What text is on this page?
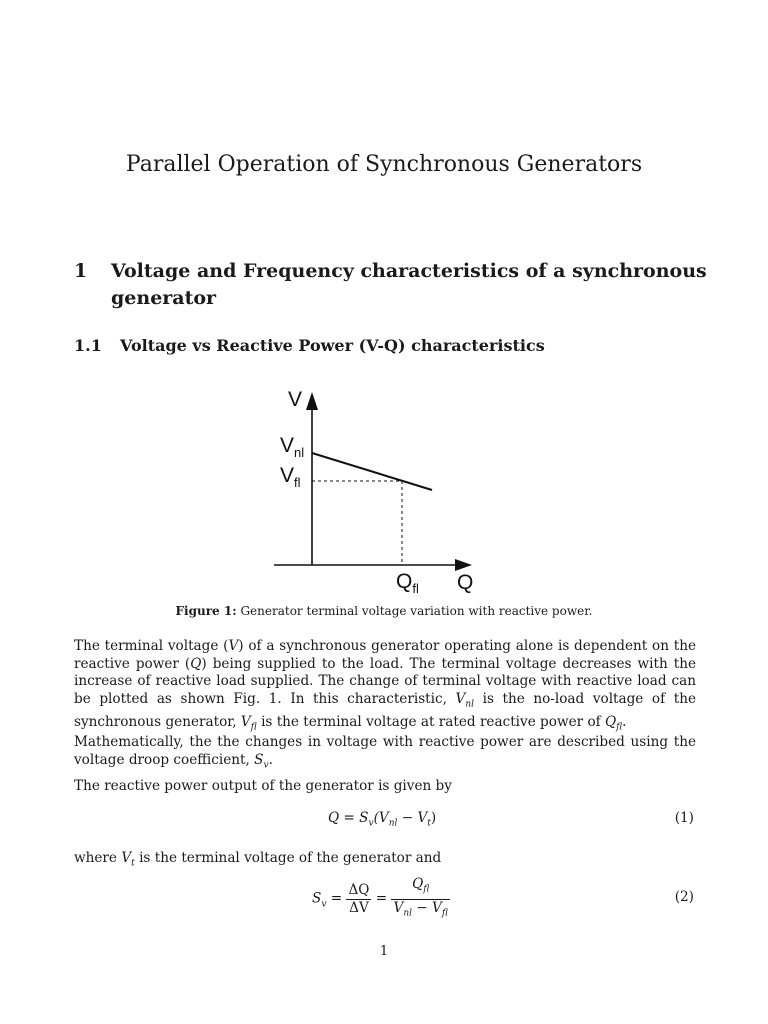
Parallel Operation of Synchronous Generators
1 Voltage and Frequency characteristics of a synchronous generator
1.1 Voltage vs Reactive Power (V-Q) characteristics
V
$V_{nl}$
$V_{fl}$
$Q_{fl}$ Q
Figure 1: Generator terminal voltage variation with reactive power.
The terminal voltage (V) of a synchronous generator operating alone is dependent on the reactive power (Q) being supplied to the load. The terminal voltage decreases with the increase of reactive load supplied. The change of terminal voltage with reactive load can be plotted as shown Fig. 1. In this characteristic, $V_{nl}$ is the no-load voltage of the synchronous generator, $V_{fl}$ is the terminal voltage at rated reactive power of $Q_{fl}$.
Mathematically, the the changes in voltage with reactive power are described using the voltage droop coefficient, $S_v$.
The reactive power output of the generator is given by
$Q = S_v(V_{nl} - V_t)$	(1)
where $V_t$ is the terminal voltage of the generator and
$S_v = \frac{\Delta Q}{\Delta V} = \frac{Q_{fl}}{V_{nl} - V_{fl}}$	(2)
1
